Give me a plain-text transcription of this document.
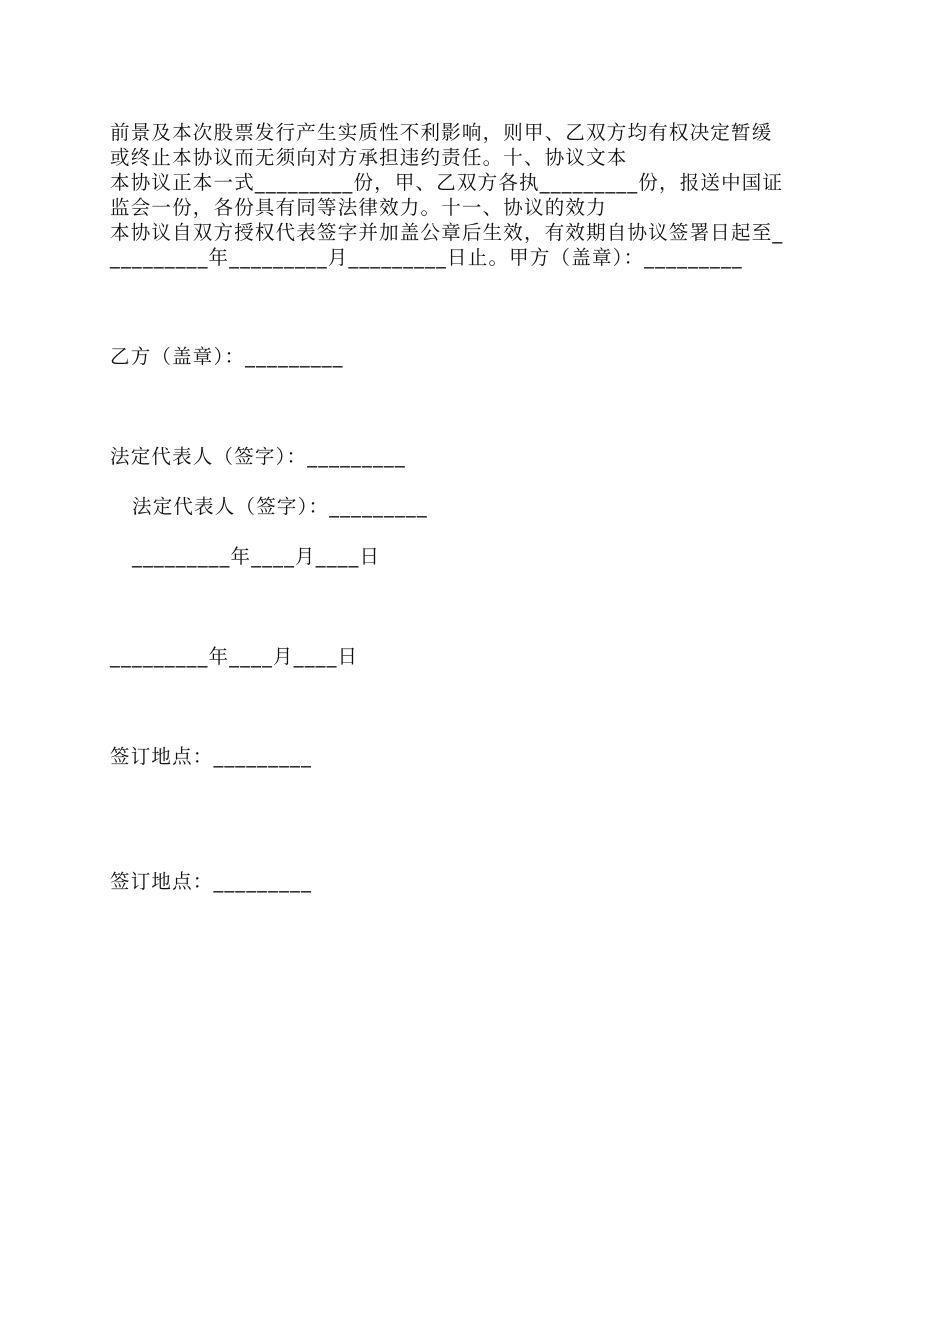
前景及本次股票发行产生实质性不利影响，则甲、乙双方均有权决定暂缓
或终止本协议而无须向对方承担违约责任。十、协议文本
本协议正本一式_________份，甲、乙双方各执_________份，报送中国证
监会一份，各份具有同等法律效力。十一、协议的效力
本协议自双方授权代表签字并加盖公章后生效，有效期自协议签署日起至_
_________年_________月_________日止。甲方（盖章）：_________
乙方（盖章）：_________
法定代表人（签字）：_________
法定代表人（签字）：_________
_________年____月____日
_________年____月____日
签订地点：_________
签订地点：_________
